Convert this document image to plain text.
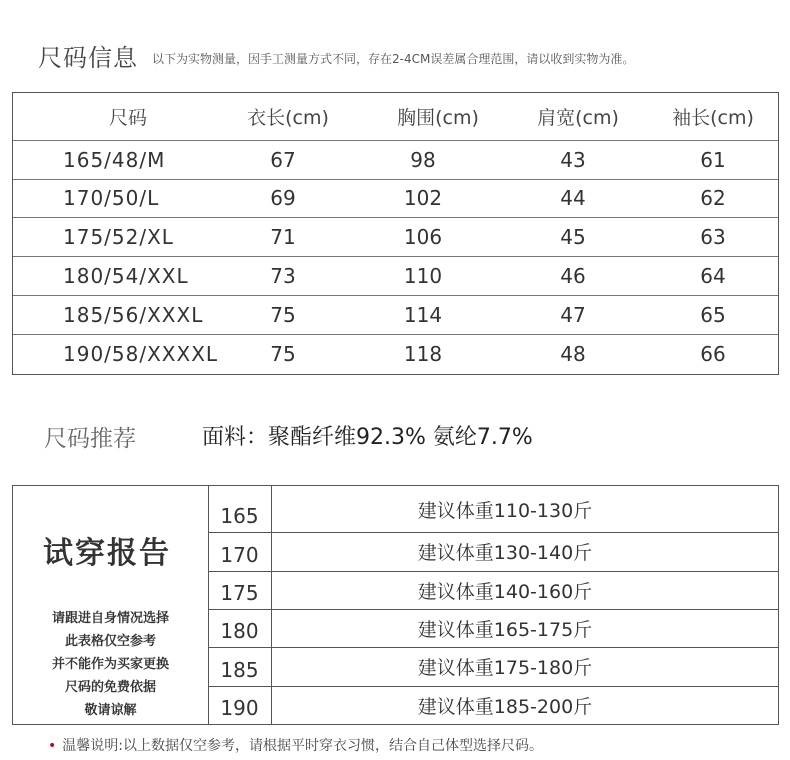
尺码信息 以下为实物测量，因手工测量方式不同，存在2-4CM误差属合理范围，请以收到实物为准。
尺码	衣长(cm)	胸围(cm)	肩宽(cm)	袖长(cm)
165/48/M	67	98	43	61
170/50/L	69	102	44	62
175/52/XL	71	106	45	63
180/54/XXL	73	110	46	64
185/56/XXXL	75	114	47	65
190/58/XXXXL	75	118	48	66
尺码推荐	面料：聚酯纤维92.3% 氨纶7.7%
试穿报告
请跟进自身情况选择
此表格仅空参考
并不能作为买家更换
尺码的免费依据
敬请谅解
165	建议体重110-130斤
170	建议体重130-140斤
175	建议体重140-160斤
180	建议体重165-175斤
185	建议体重175-180斤
190	建议体重185-200斤
• 温馨说明:以上数据仅空参考，请根据平时穿衣习惯，结合自己体型选择尺码。
